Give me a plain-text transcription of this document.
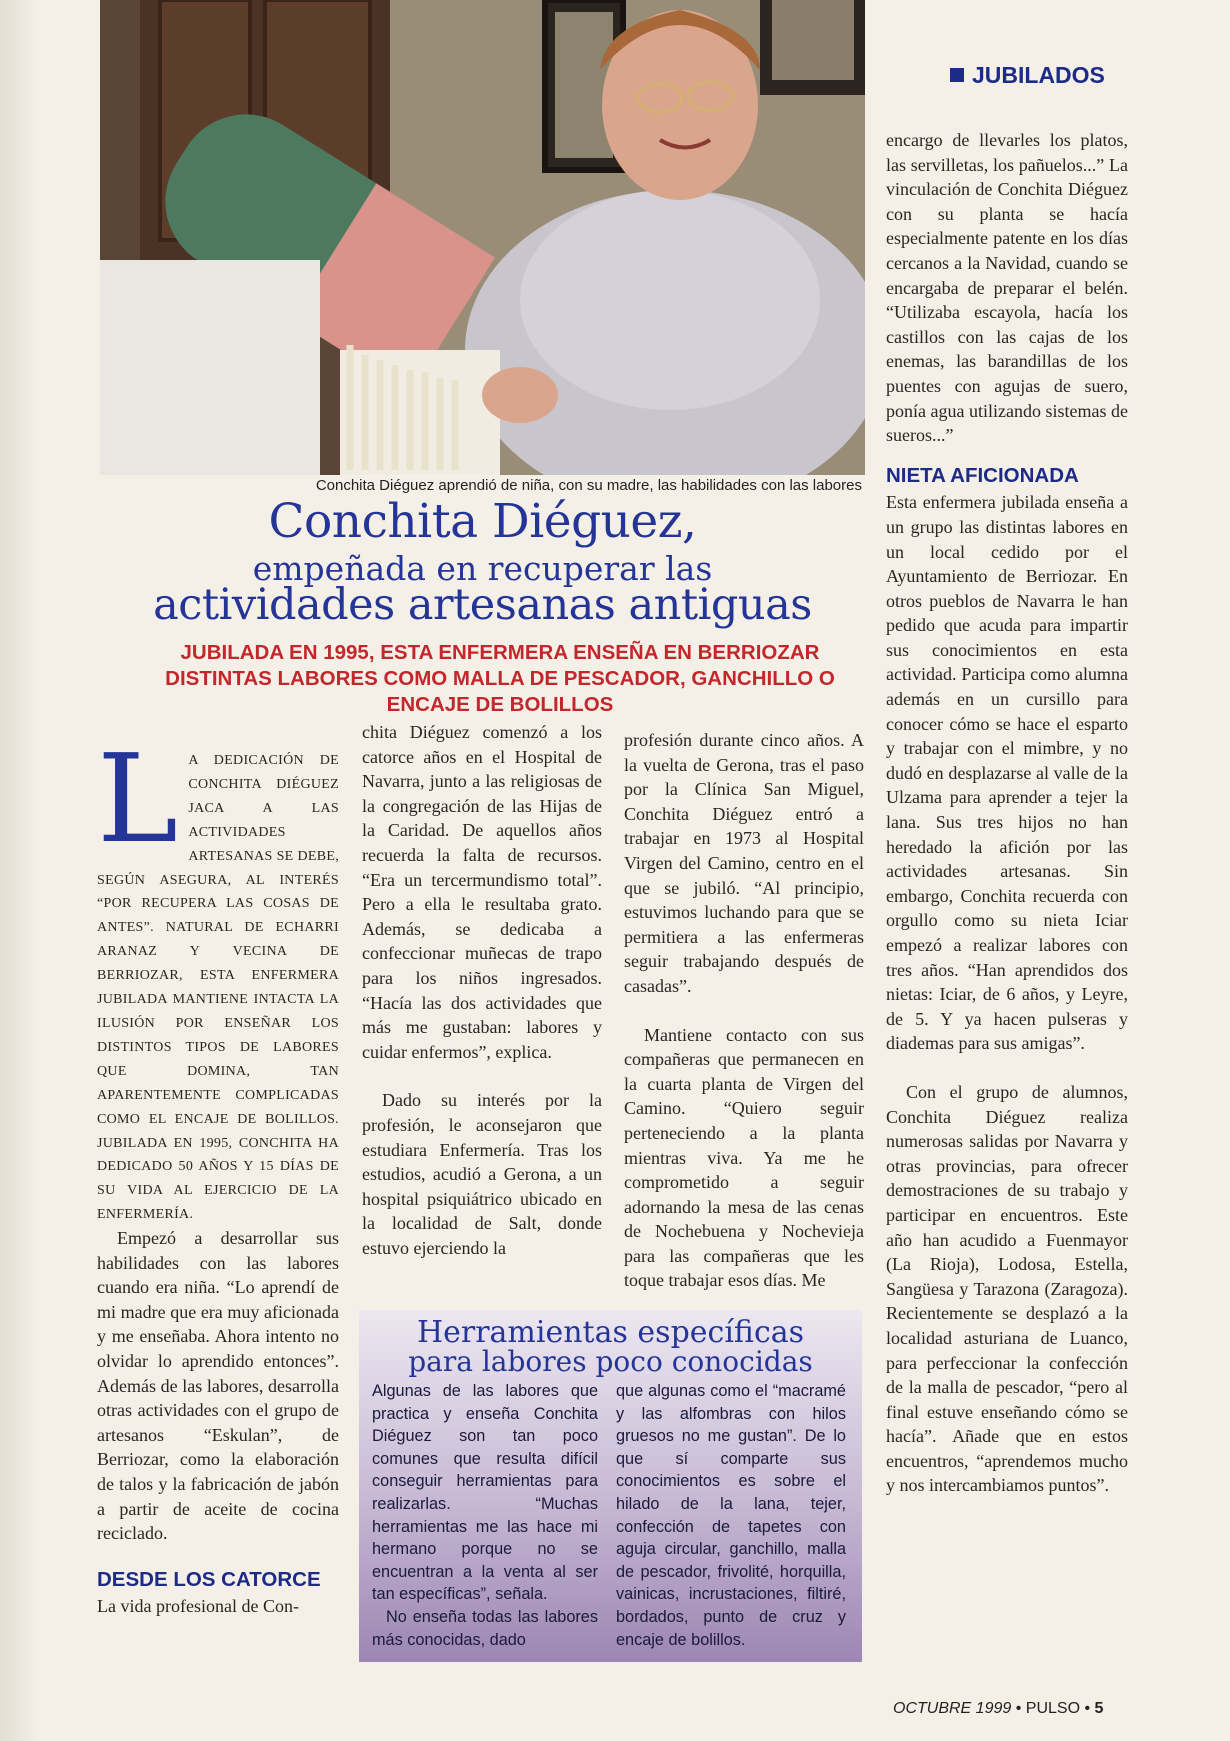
Conchita Diéguez aprendió de niña, con su madre, las habilidades con las labores
JUBILADOS
Conchita Diéguez,
empeñada en recuperar las
actividades artesanas antiguas
JUBILADA EN 1995, ESTA ENFERMERA ENSEÑA EN BERRIOZAR DISTINTAS LABORES COMO MALLA DE PESCADOR, GANCHILLO O ENCAJE DE BOLILLOS
LA DEDICACIÓN DE CONCHITA DIÉGUEZ JACA A LAS ACTIVIDADES ARTESANAS SE DEBE, SEGÚN ASEGURA, AL INTERÉS “POR RECUPERA LAS COSAS DE ANTES”. NATURAL DE ECHARRI ARANAZ Y VECINA DE BERRIOZAR, ESTA ENFERMERA JUBILADA MANTIENE INTACTA LA ILUSIÓN POR ENSEÑAR LOS DISTINTOS TIPOS DE LABORES QUE DOMINA, TAN APARENTEMENTE COMPLICADAS COMO EL ENCAJE DE BOLILLOS. JUBILADA EN 1995, CONCHITA HA DEDICADO 50 AÑOS Y 15 DÍAS DE SU VIDA AL EJERCICIO DE LA ENFERMERÍA.

Empezó a desarrollar sus habilidades con las labores cuando era niña. “Lo aprendí de mi madre que era muy aficionada y me enseñaba. Ahora intento no olvidar lo aprendido entonces”. Además de las labores, desarrolla otras actividades con el grupo de artesanos “Eskulan”, de Berriozar, como la elaboración de talos y la fabricación de jabón a partir de aceite de cocina reciclado.

DESDE LOS CATORCE

La vida profesional de Con-

chita Diéguez comenzó a los catorce años en el Hospital de Navarra, junto a las religiosas de la congregación de las Hijas de la Caridad. De aquellos años recuerda la falta de recursos. “Era un tercermundismo total”. Pero a ella le resultaba grato. Además, se dedicaba a confeccionar muñecas de trapo para los niños ingresados. “Hacía las dos actividades que más me gustaban: labores y cuidar enfermos”, explica.

Dado su interés por la profesión, le aconsejaron que estudiara Enfermería. Tras los estudios, acudió a Gerona, a un hospital psiquiátrico ubicado en la localidad de Salt, donde estuvo ejerciendo la

profesión durante cinco años. A la vuelta de Gerona, tras el paso por la Clínica San Miguel, Conchita Diéguez entró a trabajar en 1973 al Hospital Virgen del Camino, centro en el que se jubiló. “Al principio, estuvimos luchando para que se permitiera a las enfermeras seguir trabajando después de casadas”.

Mantiene contacto con sus compañeras que permanecen en la cuarta planta de Virgen del Camino. “Quiero seguir perteneciendo a la planta mientras viva. Ya me he comprometido a seguir adornando la mesa de las cenas de Nochebuena y Nochevieja para las compañeras que les toque trabajar esos días. Me

encargo de llevarles los platos, las servilletas, los pañuelos...” La vinculación de Conchita Diéguez con su planta se hacía especialmente patente en los días cercanos a la Navidad, cuando se encargaba de preparar el belén. “Utilizaba escayola, hacía los castillos con las cajas de los enemas, las barandillas de los puentes con agujas de suero, ponía agua utilizando sistemas de sueros...”

NIETA AFICIONADA

Esta enfermera jubilada enseña a un grupo las distintas labores en un local cedido por el Ayuntamiento de Berriozar. En otros pueblos de Navarra le han pedido que acuda para impartir sus conocimientos en esta actividad. Participa como alumna además en un cursillo para conocer cómo se hace el esparto y trabajar con el mimbre, y no dudó en desplazarse al valle de la Ulzama para aprender a tejer la lana. Sus tres hijos no han heredado la afición por las actividades artesanas. Sin embargo, Conchita recuerda con orgullo como su nieta Iciar empezó a realizar labores con tres años. “Han aprendidos dos nietas: Iciar, de 6 años, y Leyre, de 5. Y ya hacen pulseras y diademas para sus amigas”.

Con el grupo de alumnos, Conchita Diéguez realiza numerosas salidas por Navarra y otras provincias, para ofrecer demostraciones de su trabajo y participar en encuentros. Este año han acudido a Fuenmayor (La Rioja), Lodosa, Estella, Sangüesa y Tarazona (Zaragoza). Recientemente se desplazó a la localidad asturiana de Luanco, para perfeccionar la confección de la malla de pescador, “pero al final estuve enseñando cómo se hacía”. Añade que en estos encuentros, “aprendemos mucho y nos intercambiamos puntos”.

Herramientas específicas
para labores poco conocidas

Algunas de las labores que practica y enseña Conchita Diéguez son tan poco comunes que resulta difícil conseguir herramientas para realizarlas. “Muchas herramientas me las hace mi hermano porque no se encuentran a la venta al ser tan específicas”, señala.

No enseña todas las labores más conocidas, dado

que algunas como el “macramé y las alfombras con hilos gruesos no me gustan”. De lo que sí comparte sus conocimientos es sobre el hilado de la lana, tejer, confección de tapetes con aguja circular, ganchillo, malla de pescador, frivolité, horquilla, vainicas, incrustaciones, filtiré, bordados, punto de cruz y encaje de bolillos.

OCTUBRE 1999 • PULSO • 5
